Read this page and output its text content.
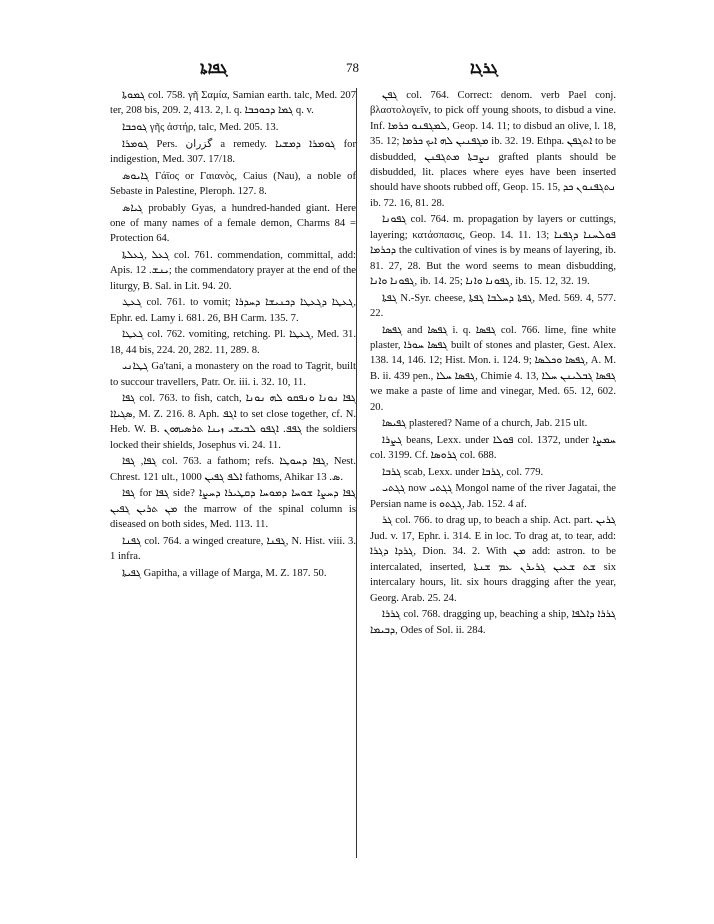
ܓܦܐܬܐ	78	ܓܪܓܐ

ܓܡܘܬܐ col. 758. γῆ Σαμία, Samian earth. talc, Med. 207 ter, 208 bis, 209. 2, 413. 2, l. q. ܓܡܐ ܕܟܘܟܒܐ q. v.

ܓܘܟܒܐ γῆς ἀστήρ, talc, Med. 205. 13.

ܓܘܡܪܐ Pers. گزران a remedy. ܓܘܡܪܐ ܕܡܫܝܐ for indigestion, Med. 307. 17/18.

ܓܐܝܘܣ Γάϊος or Γαιανὸς, Caius (Nau), a noble of Sebaste in Palestine, Pleroph. 127. 8.

ܓܝܐܣ probably Gyas, a hundred-handed giant. Here one of many names of a female demon, Charms 84 = Protection 64.

ܓܥܠ ,ܓܥܠܬܐ col. 761. commendation, committal, add: Apis. ܝܢܫ. 12; the commendatory prayer at the end of the liturgy, B. Sal. in Lit. 94. 20.

ܓܥܛ col. 761. to vomit; ܓܥܛܐ ܕܓܥܛܐ ܕܟܢܝܫܐ ܕܚܕܪܐ, Ephr. ed. Lamy i. 681. 26, BH Carm. 135. 7.

ܓܥܛܐ col. 762. vomiting, retching. Pl. ܓܥܛܐ, Med. 31. 18, 44 bis, 224. 20, 282. 11, 289. 8.

ܓܛܐܢܝ Ga'tani, a monastery on the road to Tagrit, built to succour travellers, Patr. Or. iii. i. 32. 10, 11.

ܓܦܐ col. 763. to fish, catch, ܓܦܐ ܢܘܢܐ ܘܢܦܩܘ ܠܗ ܢܘܢܐ ܣܓܝܐܐ, M. Z. 216. 8. Aph. ܐܓܦ to set close together, cf. N. Heb. W. B. ܓܦܦ. ܐܓܦܘ ܠܒܝܫܝ ܙܝܢܐ ܬܪܣܝܗܘܢ the soldiers locked their shields, Josephus vi. 24. 11.

ܓܦܐ, ܓܦܐ col. 763. a fathom; refs. ܓܦܐ ܕܚܘܛܐ, Nest. Chrest. 121 ult., ܐܠܦ ܓܦܝܢ 1000 fathoms, Ahikar ܣ. 13.

ܓܦܐ for ܓܦܐ side? ܓܦܐ ܕܚܨܐ ܫܘܚܐ ܕܡܘܚܐ ܕܩܛܝܪܐ ܕܚܨܐ ܡܢ ܬܪܝܢ ܓܦܝܢ the marrow of the spinal column is diseased on both sides, Med. 113. 11.

ܓܦܢܐ col. 764. a winged creature, ܓܦܢܐ, N. Hist. viii. 3. 1 infra.

ܓܦܝܬܐ Gapitha, a village of Marga, M. Z. 187. 50.

ܓܦܢ col. 764. Correct: denom. verb Pael conj. βλαστολογεῖν, to pick off young shoots, to disbud a vine. Inf. ܠܡܓܦܢܘ ܟܪܡܐ, Geop. 14. 11; to disbud an olive, l. 18, 35. 12; ܡܓܦܢܝܢ ܠܗ ܐܝܟ ܟܪܡܐ ib. 32. 19. Ethpa. ܐܬܓܦܢ to be disbudded, ܢܨܒܬܐ ܡܬܓܦܢܢ grafted plants should be disbudded, lit. places where eyes have been inserted should have shoots rubbed off, Geop. 15. 15, ܢܬܓܦܢܘܢ ܟܕ ib. 72. 16, 81. 28.

ܓܦܘܢܐ col. 764. m. propagation by layers or cuttings, layering; κατάσπασις, Geop. 14. 11. 13; ܦܘܠܚܢܐ ܕܓܦܢܐ ܕܟܪܡܐ the cultivation of vines is by means of layering, ib. 81. 27, 28. But the word seems to mean disbudding, ܓܦܘܢܐ ܘܐܢܐ, ib. 14. 25; ܓܦܘܢܐ ܘܐܢܐ, ib. 15. 12, 32. 19.

ܓܦܬܐ N.-Syr. cheese, ܓܦܬܐ ܕܚܠܒܐ ܓܦܬܐ, Med. 569. 4, 577. 22.

ܓܦܣܐ and ܓܦܣܐ i. q. ܓܦܣܐ col. 766. lime, fine white plaster, ܓܦܣܐ ܚܘܪܐ built of stones and plaster, Gest. Alex. 138. 14, 146. 12; Hist. Mon. i. 124. 9; ܓܦܣܐ ܘܟܠܣܐ, A. M. B. ii. 439 pen., ܓܦܣܐ ܚܠܐ, Chimie 4. 13, ܓܦܣܐ ܓܒܠܝܢܢ ܚܠܐ we make a paste of lime and vinegar, Med. 65. 12, 602. 20.

ܓܦܝܣܐ plastered? Name of a church, Jab. 215 ult.

ܓܨܪܐ beans, Lexx. under ܦܘܠܐ col. 1372, under ܚܡܨܐ col. 3199. Cf. ܓܪܘܣܐ col. 688.

ܓܪܒܐ scab, Lexx. under ܓܪܒܐ, col. 779.

ܓܓܬܝ now ܓܓܬܝ Mongol name of the river Jagatai, the Persian name is ܓܓܬܘ, Jab. 152. 4 af.

ܓܪ col. 766. to drag up, to beach a ship. Act. part. ܓܪܝܢ Jud. v. 17, Ephr. i. 314. E in loc. To drag at, to tear, add: ܓܪܕܐ ܕܓܪܐ, Dion. 34. 2. With ܡܢ add: astron. to be intercalated, inserted, ܫܬ ܫܥܝܢ ܓܪܝܪܢ ܥܡ ܫܢܬܐ six intercalary hours, lit. six hours dragging after the year, Georg. Arab. 25. 24.

ܓܪܪܐ col. 768. dragging up, beaching a ship, ܓܪܪܐ ܕܐܠܦܐ ܕܒܝܡܐ, Odes of Sol. ii. 284.
